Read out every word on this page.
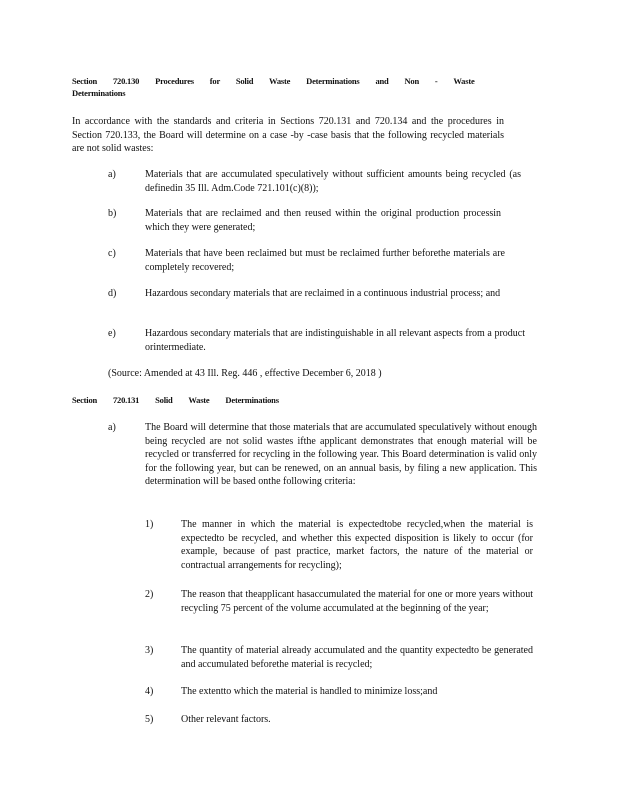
Section 720.130 Procedures for Solid Waste Determinations and Non - Waste
Determinations
In accordance with the standards and criteria in Sections 720.131 and 720.134 and the procedures in Section 720.133, the Board will determine on a case -by -case basis that the following recycled materials are not solid wastes:
a)	Materials that are accumulated speculatively without sufficient amounts being recycled (as definedin 35 Ill. Adm.Code 721.101(c)(8));
b)	Materials that are reclaimed and then reused within the original production processin which they were generated;
c)	Materials that have been reclaimed but must be reclaimed further beforethe materials are completely recovered;
d)	Hazardous secondary materials that are reclaimed in a continuous industrial process; and
e)	Hazardous secondary materials that are indistinguishable in all relevant aspects from a product orintermediate.
(Source: Amended at 43 Ill. Reg. 446 , effective December 6, 2018 )
Section 720.131 Solid Waste Determinations
a)	The Board will determine that those materials that are accumulated speculatively without enough being recycled are not solid wastes ifthe applicant demonstrates that enough material will be recycled or transferred for recycling in the following year. This Board determination is valid only for the following year, but can be renewed, on an annual basis, by filing a new application. This determination will be based onthe following criteria:
1)	The manner in which the material is expectedtobe recycled,when the material is expectedto be recycled, and whether this expected disposition is likely to occur (for example, because of past practice, market factors, the nature of the material or contractual arrangements for recycling);
2)	The reason that theapplicant hasaccumulated the material for one or more years without recycling 75 percent of the volume accumulated at the beginning of the year;
3)	The quantity of material already accumulated and the quantity expectedto be generated and accumulated beforethe material is recycled;
4)	The extentto which the material is handled to minimize loss;and
5)	Other relevant factors.
